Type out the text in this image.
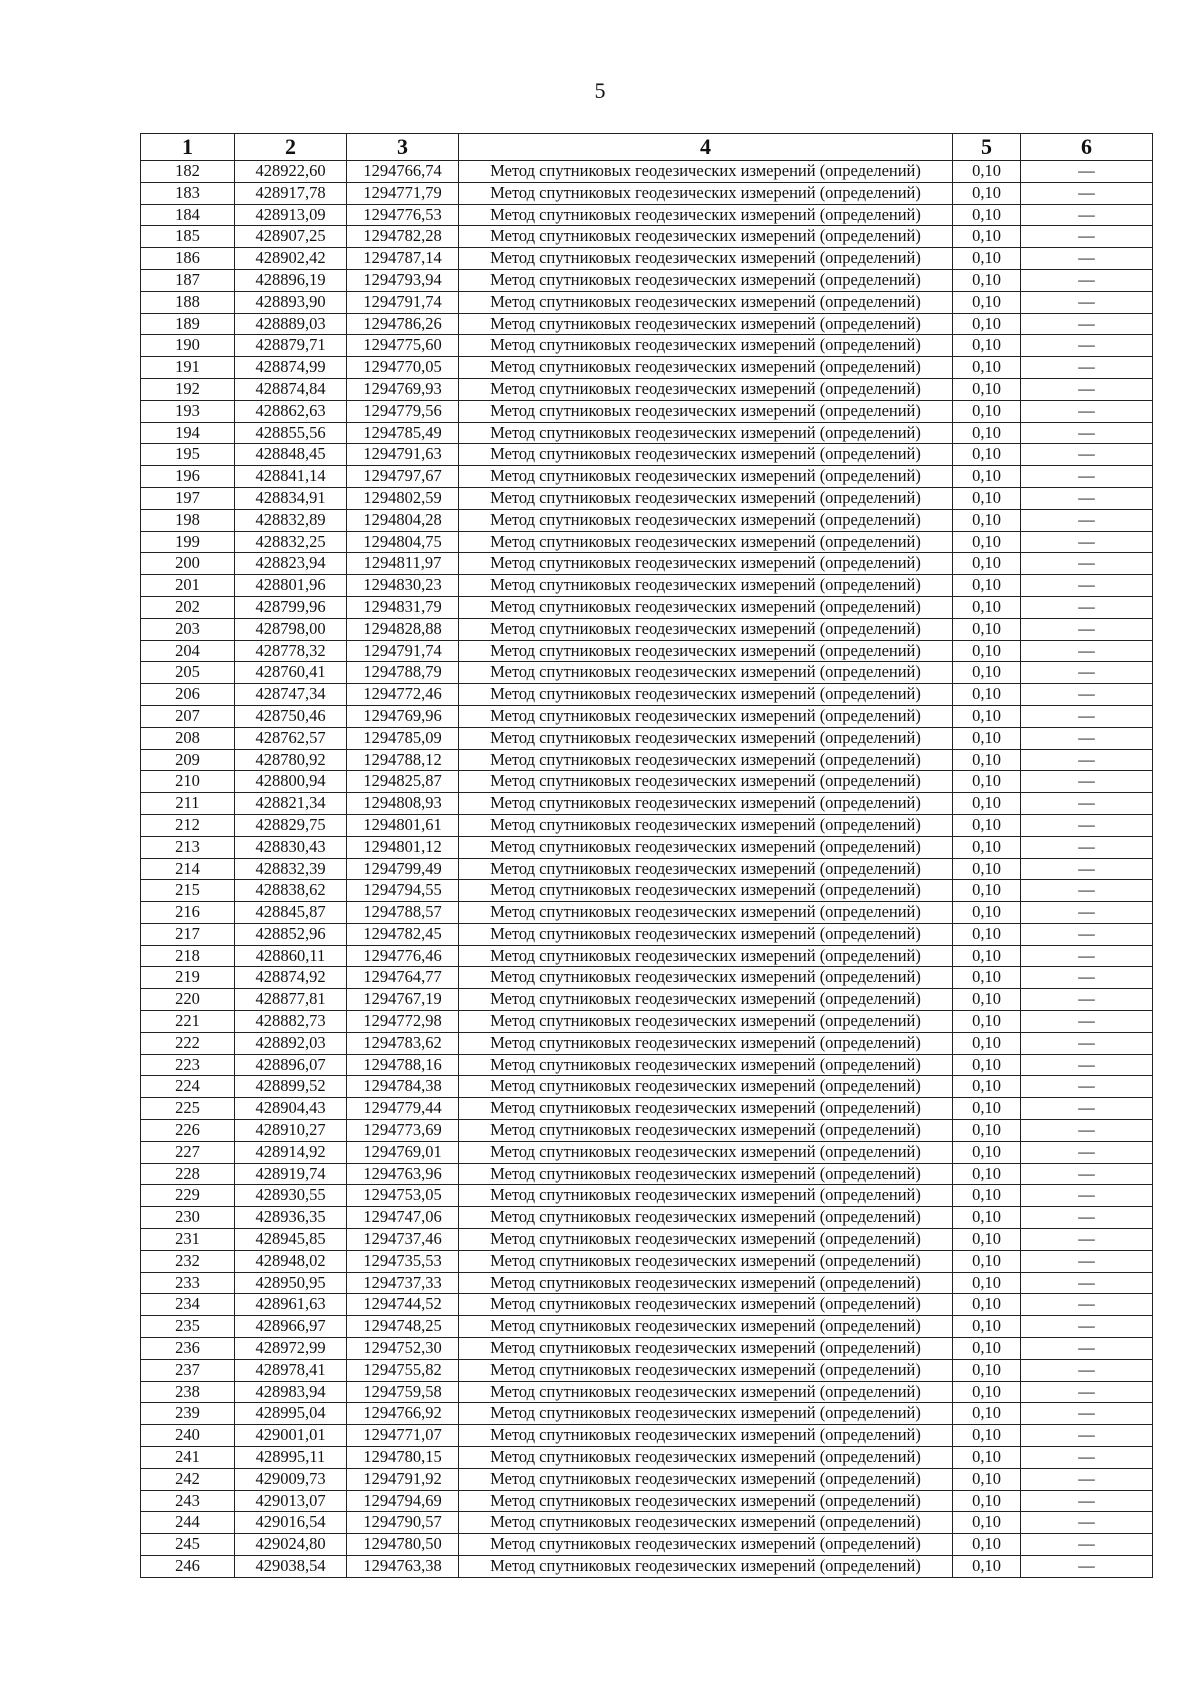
5
1	2	3	4	5	6
182	428922,60	1294766,74	Метод спутниковых геодезических измерений (определений)	0,10	—
183	428917,78	1294771,79	Метод спутниковых геодезических измерений (определений)	0,10	—
184	428913,09	1294776,53	Метод спутниковых геодезических измерений (определений)	0,10	—
185	428907,25	1294782,28	Метод спутниковых геодезических измерений (определений)	0,10	—
186	428902,42	1294787,14	Метод спутниковых геодезических измерений (определений)	0,10	—
187	428896,19	1294793,94	Метод спутниковых геодезических измерений (определений)	0,10	—
188	428893,90	1294791,74	Метод спутниковых геодезических измерений (определений)	0,10	—
189	428889,03	1294786,26	Метод спутниковых геодезических измерений (определений)	0,10	—
190	428879,71	1294775,60	Метод спутниковых геодезических измерений (определений)	0,10	—
191	428874,99	1294770,05	Метод спутниковых геодезических измерений (определений)	0,10	—
192	428874,84	1294769,93	Метод спутниковых геодезических измерений (определений)	0,10	—
193	428862,63	1294779,56	Метод спутниковых геодезических измерений (определений)	0,10	—
194	428855,56	1294785,49	Метод спутниковых геодезических измерений (определений)	0,10	—
195	428848,45	1294791,63	Метод спутниковых геодезических измерений (определений)	0,10	—
196	428841,14	1294797,67	Метод спутниковых геодезических измерений (определений)	0,10	—
197	428834,91	1294802,59	Метод спутниковых геодезических измерений (определений)	0,10	—
198	428832,89	1294804,28	Метод спутниковых геодезических измерений (определений)	0,10	—
199	428832,25	1294804,75	Метод спутниковых геодезических измерений (определений)	0,10	—
200	428823,94	1294811,97	Метод спутниковых геодезических измерений (определений)	0,10	—
201	428801,96	1294830,23	Метод спутниковых геодезических измерений (определений)	0,10	—
202	428799,96	1294831,79	Метод спутниковых геодезических измерений (определений)	0,10	—
203	428798,00	1294828,88	Метод спутниковых геодезических измерений (определений)	0,10	—
204	428778,32	1294791,74	Метод спутниковых геодезических измерений (определений)	0,10	—
205	428760,41	1294788,79	Метод спутниковых геодезических измерений (определений)	0,10	—
206	428747,34	1294772,46	Метод спутниковых геодезических измерений (определений)	0,10	—
207	428750,46	1294769,96	Метод спутниковых геодезических измерений (определений)	0,10	—
208	428762,57	1294785,09	Метод спутниковых геодезических измерений (определений)	0,10	—
209	428780,92	1294788,12	Метод спутниковых геодезических измерений (определений)	0,10	—
210	428800,94	1294825,87	Метод спутниковых геодезических измерений (определений)	0,10	—
211	428821,34	1294808,93	Метод спутниковых геодезических измерений (определений)	0,10	—
212	428829,75	1294801,61	Метод спутниковых геодезических измерений (определений)	0,10	—
213	428830,43	1294801,12	Метод спутниковых геодезических измерений (определений)	0,10	—
214	428832,39	1294799,49	Метод спутниковых геодезических измерений (определений)	0,10	—
215	428838,62	1294794,55	Метод спутниковых геодезических измерений (определений)	0,10	—
216	428845,87	1294788,57	Метод спутниковых геодезических измерений (определений)	0,10	—
217	428852,96	1294782,45	Метод спутниковых геодезических измерений (определений)	0,10	—
218	428860,11	1294776,46	Метод спутниковых геодезических измерений (определений)	0,10	—
219	428874,92	1294764,77	Метод спутниковых геодезических измерений (определений)	0,10	—
220	428877,81	1294767,19	Метод спутниковых геодезических измерений (определений)	0,10	—
221	428882,73	1294772,98	Метод спутниковых геодезических измерений (определений)	0,10	—
222	428892,03	1294783,62	Метод спутниковых геодезических измерений (определений)	0,10	—
223	428896,07	1294788,16	Метод спутниковых геодезических измерений (определений)	0,10	—
224	428899,52	1294784,38	Метод спутниковых геодезических измерений (определений)	0,10	—
225	428904,43	1294779,44	Метод спутниковых геодезических измерений (определений)	0,10	—
226	428910,27	1294773,69	Метод спутниковых геодезических измерений (определений)	0,10	—
227	428914,92	1294769,01	Метод спутниковых геодезических измерений (определений)	0,10	—
228	428919,74	1294763,96	Метод спутниковых геодезических измерений (определений)	0,10	—
229	428930,55	1294753,05	Метод спутниковых геодезических измерений (определений)	0,10	—
230	428936,35	1294747,06	Метод спутниковых геодезических измерений (определений)	0,10	—
231	428945,85	1294737,46	Метод спутниковых геодезических измерений (определений)	0,10	—
232	428948,02	1294735,53	Метод спутниковых геодезических измерений (определений)	0,10	—
233	428950,95	1294737,33	Метод спутниковых геодезических измерений (определений)	0,10	—
234	428961,63	1294744,52	Метод спутниковых геодезических измерений (определений)	0,10	—
235	428966,97	1294748,25	Метод спутниковых геодезических измерений (определений)	0,10	—
236	428972,99	1294752,30	Метод спутниковых геодезических измерений (определений)	0,10	—
237	428978,41	1294755,82	Метод спутниковых геодезических измерений (определений)	0,10	—
238	428983,94	1294759,58	Метод спутниковых геодезических измерений (определений)	0,10	—
239	428995,04	1294766,92	Метод спутниковых геодезических измерений (определений)	0,10	—
240	429001,01	1294771,07	Метод спутниковых геодезических измерений (определений)	0,10	—
241	428995,11	1294780,15	Метод спутниковых геодезических измерений (определений)	0,10	—
242	429009,73	1294791,92	Метод спутниковых геодезических измерений (определений)	0,10	—
243	429013,07	1294794,69	Метод спутниковых геодезических измерений (определений)	0,10	—
244	429016,54	1294790,57	Метод спутниковых геодезических измерений (определений)	0,10	—
245	429024,80	1294780,50	Метод спутниковых геодезических измерений (определений)	0,10	—
246	429038,54	1294763,38	Метод спутниковых геодезических измерений (определений)	0,10	—
